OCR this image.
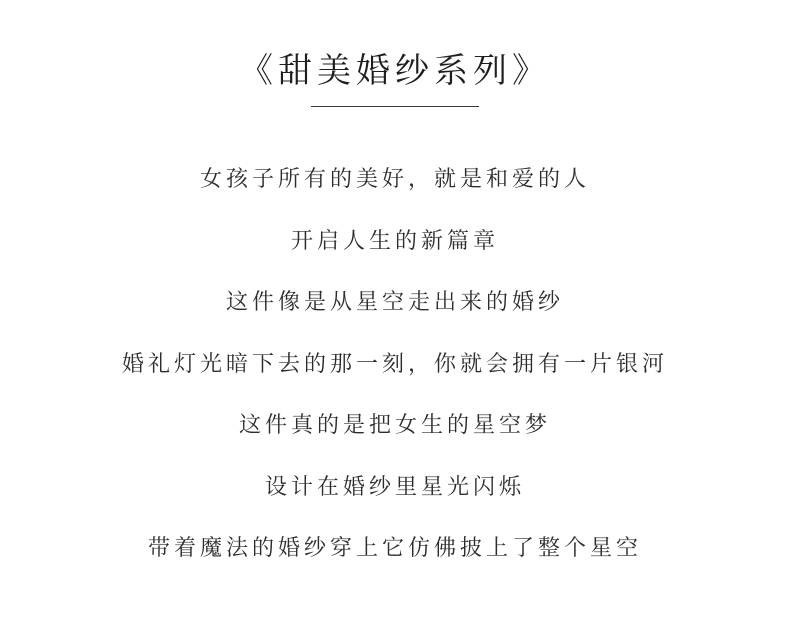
《甜美婚纱系列》
女孩子所有的美好，就是和爱的人
开启人生的新篇章
这件像是从星空走出来的婚纱
婚礼灯光暗下去的那一刻，你就会拥有一片银河
这件真的是把女生的星空梦
设计在婚纱里星光闪烁
带着魔法的婚纱穿上它仿佛披上了整个星空
